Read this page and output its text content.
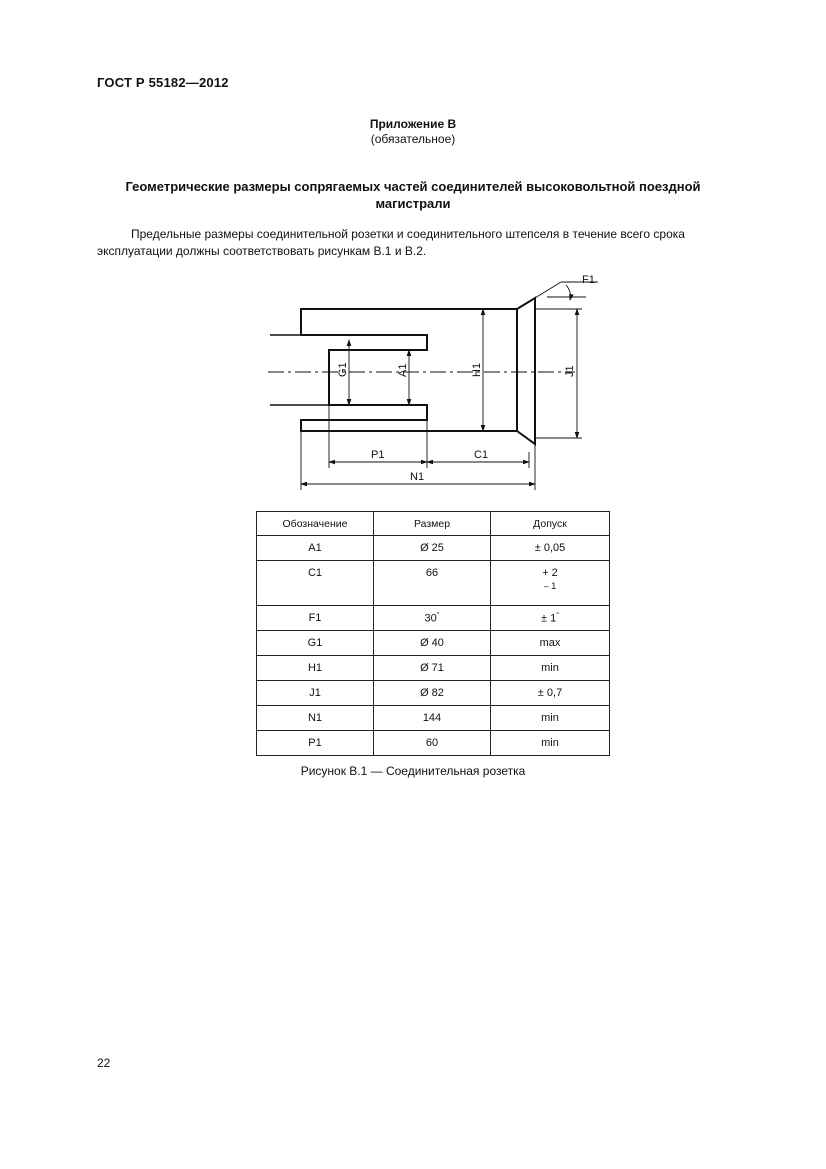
ГОСТ Р 55182—2012
Приложение В
(обязательное)
Геометрические размеры сопрягаемых частей соединителей высоковольтной поездной магистрали
Предельные размеры соединительной розетки и соединительного штепселя в течение всего срока эксплуатации должны соответствовать рисункам В.1 и В.2.
F1
G1	A1	H1	J1
P1	C1
N1
Обозначение	Размер	Допуск
A1	Ø 25	± 0,05
C1	66	+ 2
– 1
F1	30°	± 1°
G1	Ø 40	max
H1	Ø 71	min
J1	Ø 82	± 0,7
N1	144	min
P1	60	min
Рисунок В.1 — Соединительная розетка
22
